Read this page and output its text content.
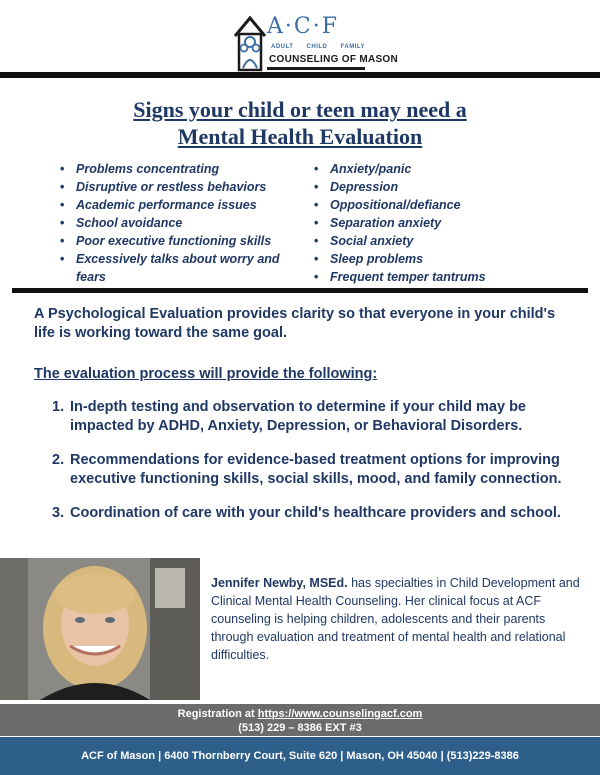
A·C·F
ADULT CHILD FAMILY
COUNSELING OF MASON
Signs your child or teen may need a
Mental Health Evaluation
• Problems concentrating
• Disruptive or restless behaviors
• Academic performance issues
• School avoidance
• Poor executive functioning skills
• Excessively talks about worry and fears
• Anxiety/panic
• Depression
• Oppositional/defiance
• Separation anxiety
• Social anxiety
• Sleep problems
• Frequent temper tantrums
A Psychological Evaluation provides clarity so that everyone in your child's life is working toward the same goal.
The evaluation process will provide the following:
1. In-depth testing and observation to determine if your child may be impacted by ADHD, Anxiety, Depression, or Behavioral Disorders.
2. Recommendations for evidence-based treatment options for improving executive functioning skills, social skills, mood, and family connection.
3. Coordination of care with your child's healthcare providers and school.
Jennifer Newby, MSEd. has specialties in Child Development and Clinical Mental Health Counseling. Her clinical focus at ACF counseling is helping children, adolescents and their parents through evaluation and treatment of mental health and relational difficulties.
Registration at https://www.counselingacf.com
(513) 229 – 8386 EXT #3
ACF of Mason | 6400 Thornberry Court, Suite 620 | Mason, OH 45040 | (513)229-8386
